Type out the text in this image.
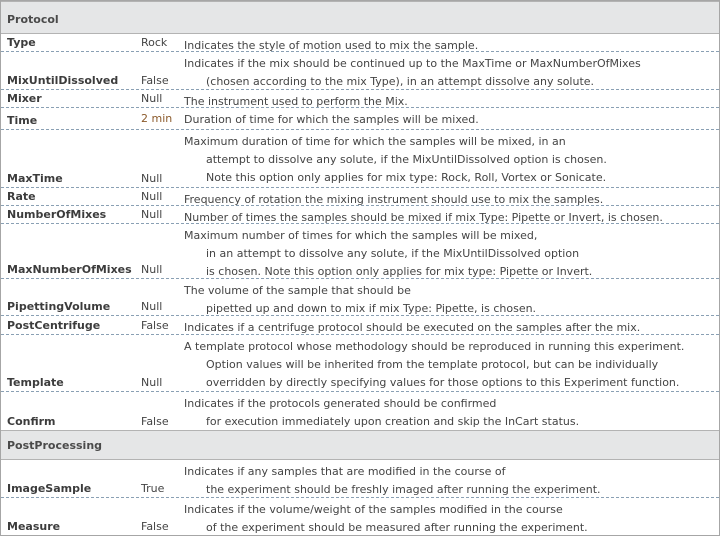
Protocol
Type	Rock Indicates the style of motion used to mix the sample.
MixUntilDissolved False
Indicates if the mix should be continued up to the MaxTime or MaxNumberOfMixes
(chosen according to the mix Type), in an attempt dissolve any solute.
Mixer	Null The instrument used to perform the Mix.
Time	2 min Duration of time for which the samples will be mixed.
MaxTime	Null
Maximum duration of time for which the samples will be mixed, in an
attempt to dissolve any solute, if the MixUntilDissolved option is chosen.
Note this option only applies for mix type: Rock, Roll, Vortex or Sonicate.
Rate	Null Frequency of rotation the mixing instrument should use to mix the samples.
NumberOfMixes	Null Number of times the samples should be mixed if mix Type: Pipette or Invert, is chosen.
MaxNumberOfMixes Null
Maximum number of times for which the samples will be mixed,
in an attempt to dissolve any solute, if the MixUntilDissolved option
is chosen. Note this option only applies for mix type: Pipette or Invert.
PipettingVolume	Null
The volume of the sample that should be
pipetted up and down to mix if mix Type: Pipette, is chosen.
PostCentrifuge	False Indicates if a centrifuge protocol should be executed on the samples after the mix.
Template	Null
A template protocol whose methodology should be reproduced in running this experiment.
Option values will be inherited from the template protocol, but can be individually
overridden by directly specifying values for those options to this Experiment function.
Confirm	False
Indicates if the protocols generated should be confirmed
for execution immediately upon creation and skip the InCart status.
PostProcessing
ImageSample	True
Indicates if any samples that are modified in the course of
the experiment should be freshly imaged after running the experiment.
Measure	False
Indicates if the volume/weight of the samples modified in the course
of the experiment should be measured after running the experiment.
